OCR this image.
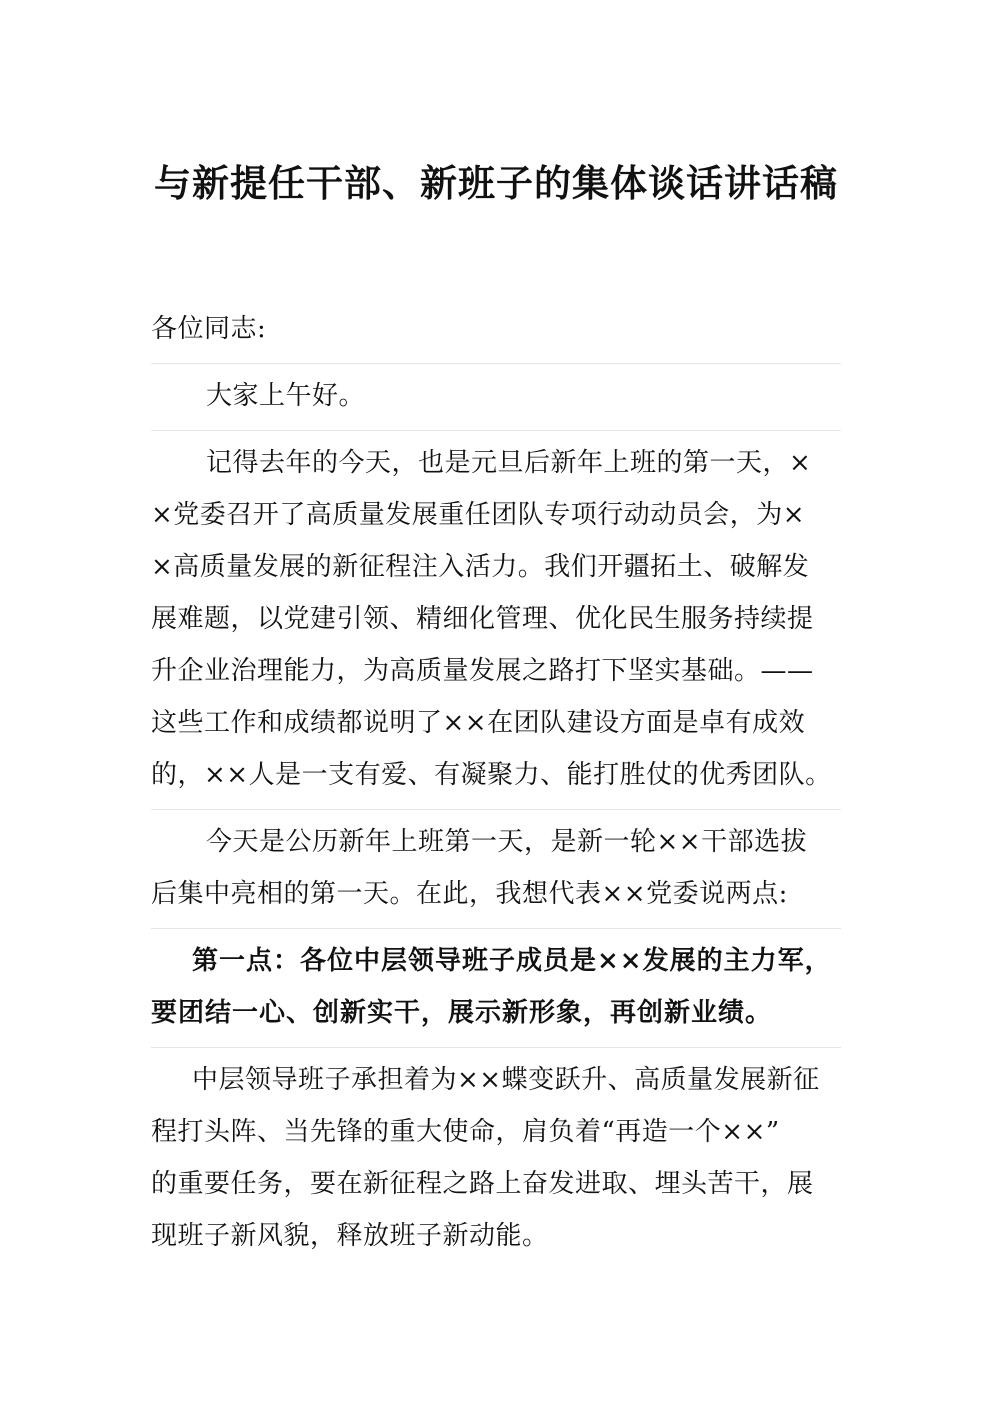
与新提任干部、新班子的集体谈话讲话稿
各位同志:
大家上午好。
记得去年的今天，也是元旦后新年上班的第一天，×
×党委召开了高质量发展重任团队专项行动动员会，为×
×高质量发展的新征程注入活力。我们开疆拓土、破解发
展难题，以党建引领、精细化管理、优化民生服务持续提
升企业治理能力，为高质量发展之路打下坚实基础。——
这些工作和成绩都说明了××在团队建设方面是卓有成效
的，××人是一支有爱、有凝聚力、能打胜仗的优秀团队。
今天是公历新年上班第一天，是新一轮××干部选拔
后集中亮相的第一天。在此，我想代表××党委说两点:
第一点：各位中层领导班子成员是××发展的主力军，
要团结一心、创新实干，展示新形象，再创新业绩。
中层领导班子承担着为××蝶变跃升、高质量发展新征
程打头阵、当先锋的重大使命，肩负着“再造一个××”
的重要任务，要在新征程之路上奋发进取、埋头苦干，展
现班子新风貌，释放班子新动能。
